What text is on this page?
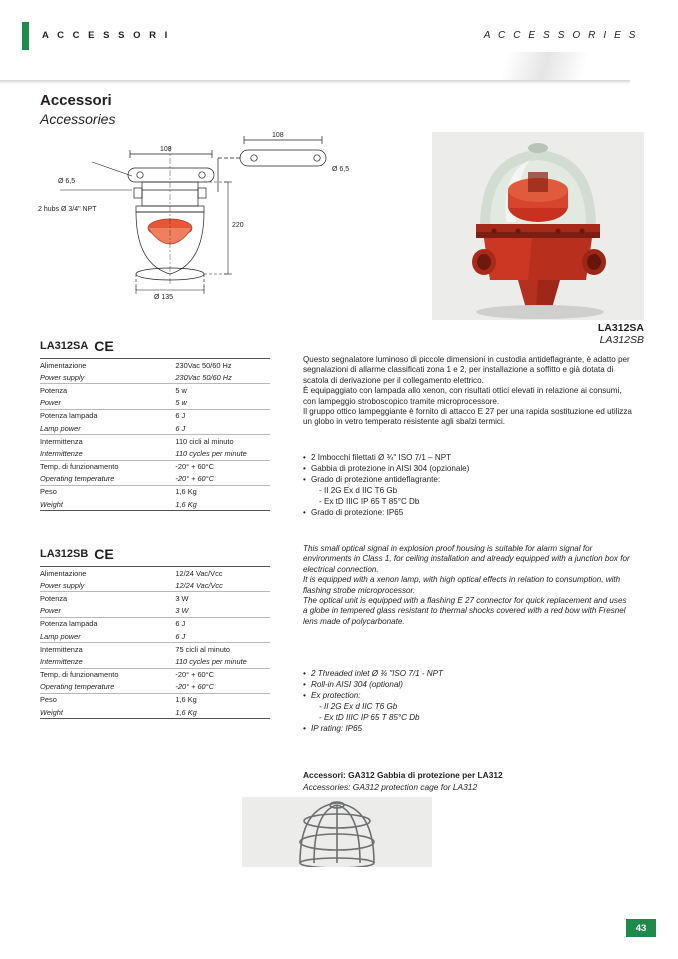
A C C E S S O R I	A C C E S S O R I E S
Accessori
Accessories
108
108
Ø 6,5
Ø 6,5
2 hubs Ø 3/4" NPT
220
Ø 135
LA312SA
LA312SB
LA312SA CE
Alimentazione	230Vac 50/60 Hz
Power supply	230Vac 50/60 Hz
Potenza	5 w
Power	5 w
Potenza lampada	6 J
Lamp power	6 J
Intermittenza	110 cicli al minuto
Intermittenze	110 cycles per minute
Temp. di funzionamento	-20° + 60°C
Operating temperature	-20° + 60°C
Peso	1,6 Kg
Weight	1,6 Kg
LA312SB CE
Alimentazione	12/24 Vac/Vcc
Power supply	12/24 Vac/Vcc
Potenza	3 W
Power	3 W
Potenza lampada	6 J
Lamp power	6 J
Intermittenza	75 cicli al minuto
Intermittenze	110 cycles per minute
Temp. di funzionamento	-20° + 60°C
Operating temperature	-20° + 60°C
Peso	1,6 Kg
Weight	1,6 Kg

Questo segnalatore luminoso di piccole dimensioni in custodia antideflagrante, è adatto per segnalazioni di allarme classificati zona 1 e 2, per installazione a soffitto e già dotata di scatola di derivazione per il collegamento elettrico.

È equipaggiato con lampada allo xenon, con risultati ottici elevati in relazione ai consumi, con lampeggio stroboscopico tramite microprocessore.

Il gruppo ottico lampeggiante è fornito di attacco E 27 per una rapida sostituzione ed utilizza un globo in vetro temperato resistente agli sbalzi termici.

• 2 Imbocchi filettati Ø ¾" ISO 7/1 – NPT
• Gabbia di protezione in AISI 304 (opzionale)
• Grado di protezione antideflagrante:
- II 2G Ex d IIC T6 Gb
- Ex tD IIIC IP 65 T 85°C Db
• Grado di protezione: IP65

This small optical signal in explosion proof housing is suitable for alarm signal for environments in Class 1, for ceiling installation and already equipped with a junction box for electrical connection.

It is equipped with a xenon lamp, with high optical effects in relation to consumption, with flashing strobe microprocessor.

The optical unit is equipped with a flashing E 27 connector for quick replacement and uses a globe in tempered glass resistant to thermal shocks covered with a red bow with Fresnel lens made of polycarbonate.

• 2 Threaded inlet Ø ¾ "ISO 7/1 - NPT
• Roll-in AISI 304 (optional)
• Ex protection:
- II 2G Ex d IIC T6 Gb
- Ex tD IIIC IP 65 T 85°C Db
• IP rating: IP65
Accessori: GA312 Gabbia di protezione per LA312
Accessories: GA312 protection cage for LA312
43
